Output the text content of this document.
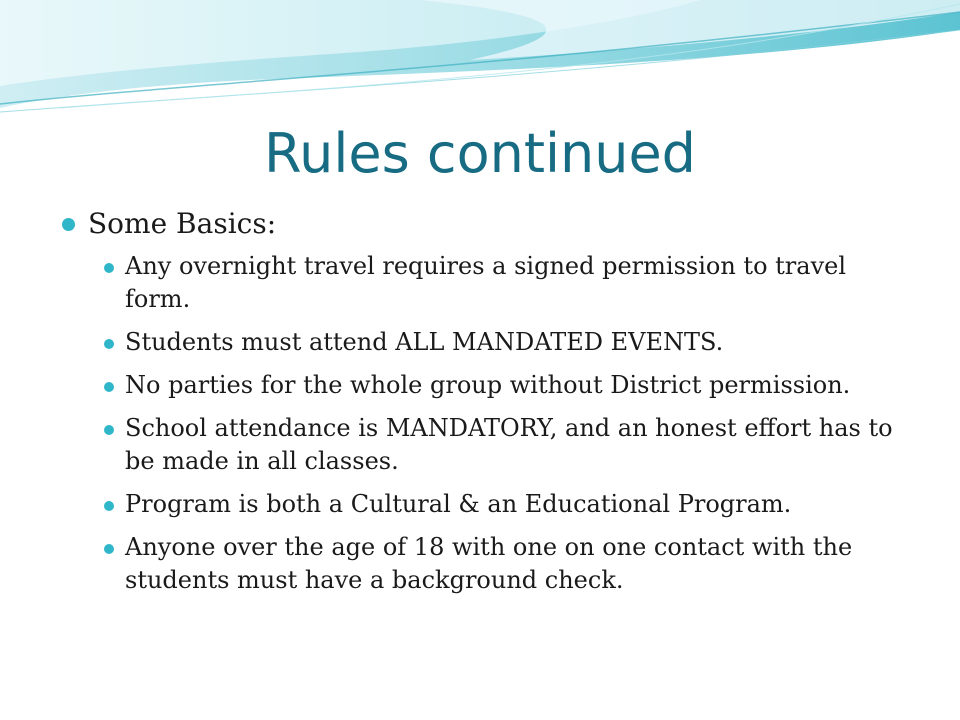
Rules continued
Some Basics:
Any overnight travel requires a signed permission to travel form.
Students must attend ALL MANDATED EVENTS.
No parties for the whole group without District permission.
School attendance is MANDATORY, and an honest effort has to be made in all classes.
Program is both a Cultural & an Educational Program.
Anyone over the age of 18 with one on one contact with the students must have a background check.
